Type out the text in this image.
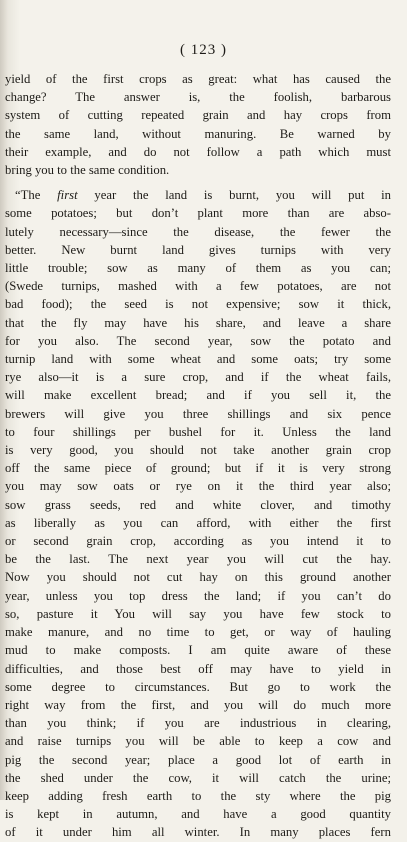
( 123 )
yield of the first crops as great: what has caused the
change? The answer is, the foolish, barbarous
system of cutting repeated grain and hay crops from
the same land, without manuring. Be warned by
their example, and do not follow a path which must
bring you to the same condition.
“The first year the land is burnt, you will put in
some potatoes; but don’t plant more than are abso-
lutely necessary—since the disease, the fewer the
better. New burnt land gives turnips with very
little trouble; sow as many of them as you can;
(Swede turnips, mashed with a few potatoes, are not
bad food); the seed is not expensive; sow it thick,
that the fly may have his share, and leave a share
for you also. The second year, sow the potato and
turnip land with some wheat and some oats; try some
rye also—it is a sure crop, and if the wheat fails,
will make excellent bread; and if you sell it, the
brewers will give you three shillings and six pence
to four shillings per bushel for it. Unless the land
is very good, you should not take another grain crop
off the same piece of ground; but if it is very strong
you may sow oats or rye on it the third year also;
sow grass seeds, red and white clover, and timothy
as liberally as you can afford, with either the first
or second grain crop, according as you intend it to
be the last. The next year you will cut the hay.
Now you should not cut hay on this ground another
year, unless you top dress the land; if you can’t do
so, pasture it You will say you have few stock to
make manure, and no time to get, or way of hauling
mud to make composts. I am quite aware of these
difficulties, and those best off may have to yield in
some degree to circumstances. But go to work the
right way from the first, and you will do much more
than you think; if you are industrious in clearing,
and raise turnips you will be able to keep a cow and
pig the second year; place a good lot of earth in
the shed under the cow, it will catch the urine;
keep adding fresh earth to the sty where the pig
is kept in autumn, and have a good quantity
of it under him all winter. In many places fern
